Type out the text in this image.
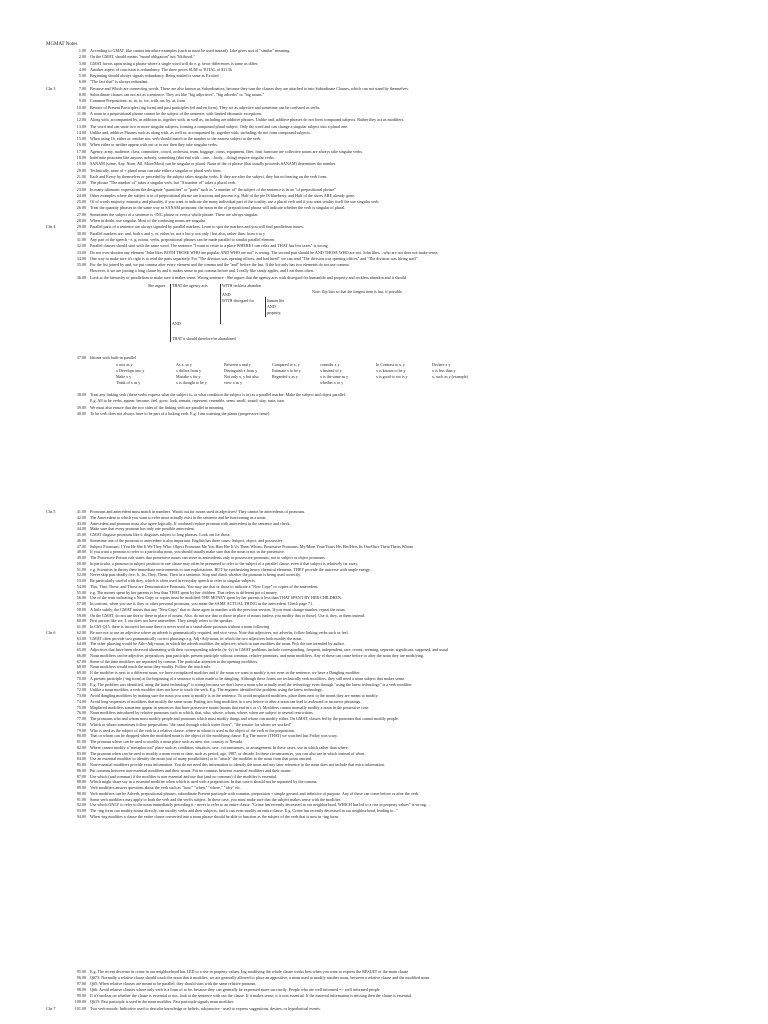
MGMAT Notes
1.00 According to GMAT, like cannot introduce examples (such as must be used instead). Like gives sort of "similar" meaning.
2.00 On the GMAT, should means "moral obligation" not "likihood."
3.00 GMAT favors upon using a phrase where a single word will do e. g. favor differences is same as differ.
4.00 Another aspect of concision is redundancy. The three prices SUM to TOTAL of $11.5k
5.00 Beginning should always signals redundancy. Being misled is same as Excited
6.00 "The fact that" is always redundant
Chs 3	7.00 Because and Which are connecting words. These are also known as Subordinators, because they turn the clauses they are attached to into Subordinate Clauses, which can not stand by themselves.
8.00 Subordinate clauses can not act as a sentence. They act like "big adjectives", "big adverbs" or "big nouns."
9.00 Common Prepositions: at, in, to, for, with, on, by, at, from
10.00 Beware of Present Participles (ing form) and past participles (ed and en form). They act as adjective and sometime can be confused as verbs.
11.00 A noun in a prepositional phrase cannot be the subject of the sentence, with limited idiomatic exceptions.
12.00 Along with, accompanied by, in addition to, together with, as well as, including are additive phrases. Unlike and, additive phrases do not form compound subjects. Rather they act as modifiers.
13.00 The word and can unite two or more singular subjects, forming a compound plural subject. Only the word and can change a singular subject into a plural one.
14.00 Unlike and, additive Phrases such as along with, as well as, accompanied by, together with, including, do not form compound subjects.
15.00 When using Or, either or, neither nor, verb should match in the number to the nearest subject to the verb.
16.00 When either or neither appear with out or or nor then they take singular verbs.
17.00 Agency, army, audience, class, committee, crowd, orchestra, team, baggage, citrus, equipment, fleet, fruit furniture are collective nouns are always take singular verbs.
18.00 Indefinite pronouns like anyone, nobody, something (that end with ...one, ...body, ...thing) require singular verbs.
19.00 SANAM (some, Any, None, All, More/Most) can be singular or plural. Noun of the of phrase (that usually proceeds SANAM) determines the number.
20.00 Technically, none of + plural noun can take either a singular or plural verb form.
21.00 Each and Every by themselves or preceded by the subject takes singular verbs. If they are after the subject, they has no bearing on the verb form.
22.00 The phrase "The number of" takes a singular verb, but "A number of" takes a plural verb.
23.00 In many idiomatic expressions the designate "quantities" or "parts" such as "a number of" the subject of the sentence is in an "of prepositional phrase"
24.00 Other examples where the subject is in of prepositional phrase are fractions and percent e.g. Half of the pie IS blueberry, and Half of the shoes ARE already gone.
25.00 Of of words majority, minority, and plurality, if you want to indicate the many individual part of the totality, use a plural verb and if you want totality itself the use singular verb.
26.00 Treat the quantity phrases in the same way as SANAM pronouns: the noun in the of prepositional phrase will indicate whether the verb is singular of plural.
27.00 Sometimes the subject of a sentence is -ING phrase or even a whole phrase. These are always singular.
28.00 When in doubt, use singular. Most of the confusing nouns are singular.
Chs 4	29.00 Parallel parts of a sentence are always signaled by parallel markers. Learn to spot the markers and you will find parallelism issues.
30.00 Parallel markers are: and, both x and y, or, either/or, not x but y, not only / but also, rather than, from x to y
31.00 Any part of the speech - e. g. nouns, verbs, prepositional phrases can be made parallel to similar parallel element.
32.00 Parallel clauses should start with the same word. The sentence "I want to retire to a place WHERE I can relax and THAT has low taxes" is wrong.
33.00 Do not over-shorten any element "John likes BOTH THOSE WHO are popular AND WHO are not" is wrong. The second part should be AND THOSE WHO are not. John likes... who are not does not make sense.
34.00 One way to make sure it's right is to read the parts separately. For "The division was opening offices, and had hired" we can read "The division was opening offices" and "The division was hiring staff"
35.00 For the list joined by and, we put comma after every element and the comma and the "and" before the last. If the list only has two elements do not use comma.
However, if we are joining a long clause by and it makes sense to put comma before and. I really like candy apples, and I eat them often.
36.00 Look at the hierarchy of parallelism to make sure it makes sense. Wrong sentence : She argues that the agency acts with disregard for humanlife and property and reckless abandon and it should
She argues THAT the agency acts	WITH reckless abandon
AND
WITH disregard for	human life
AND
property,
AND
THAT it should therefore be abandoned
Note: flip lists so that the longest item is last, if possible.
37.00 Idioms with built-in parallel
x acts as y	As x, so y	Between x and y	Compared to x, y	consider x y	In Contrast to x, y	Declare x y
x Develops into y	x differs from y	Distinguish x from y	Estimate x to be y	x instead of y	x is known to be y	x is less than y
Make x y	Mistake x for y	Not only x, y but also	Regarded x as y	x is the same as y	x is good to too is y	x, such as y (example)
Think of x as y	x is thought to be y	view x as y	whether x or y
38.00 Treat any linking verb (these verbs express what the subject is, or what condition the subject is in) as a parallel marker. Make the subject and object parallel.
E.g. All to be verbs, appear, become, feel, grow, look, remain, represent, resemble, seem, smell, sound, stay, taste, turn
39.00 We must also ensure that the two sides of the linking verb are parallel in meaning.
40.00 To be verb does not always have to be part of a linking verb. E.g. I am watering the plants (progressive tense)
Chs 5	41.00 Pronouns and antecedent must match in numbers. Watch out for nouns used as adjectives! They cannot be antecedents of pronouns.
42.00 The Antecedent to which you want to refer must actually exist in the sentence and be functioning as a noun.
43.00 Antecedent and pronoun must also agree logically. If confused replace pronoun with antecedent in the sentence and check.
44.00 Make sure that every pronoun has only one possible antecedent.
45.00 GMAT disguise pronouns like it disguises subject to long phrases. Look out for those.
46.00 Sometime one of the pronoun or antecedent is also important. English has three cases: Subject, object, and possessive.
47.00 Subject Pronouns: I You He She It We They Who; Object Pronouns Me You Him Her It Us Them Whom; Possessive Pronouns: My/Mine Your/Yours His Her/Hers Its Our/Ours Their/Theirs Whose
48.00 If you want a pronoun to refer to a particular noun, you should usually make sure that the noun is not in the possessive.
49.00 The Possessive Poison rule states that possessive nouns can serve as antecedents only to possessive pronouns, not to subject or object pronouns.
50.00 In particular, a pronoun in subject position in one clause may often be presumed to refer to the subject of a parallel clause, even if that subject is relatively far away.
51.00 e.g. Scientists in theory their immediate environments to turn exploitations, BUT by synthesizing heavy chemical elements, THEY provide the universe with ample energy.
52.00 Never skip past deadly five: It, Its, They, Them, Their in a sentence. Stop and check whether the pronoun is being used correctly.
53.00 Be particularly careful with they, which is often used in everyday speech to refer to singular subjects.
54.00 This, That, These, and Those are Demonstrative Pronouns. You may use that or those to indicate a "New Copy" or copies of the antecedent.
55.00 e.g. The money spent by her parents is less than THAT spent by her children. That refers to different pot of money.
56.00 Use of the term indicating a New Copy or copies must be modified. THE MONEY spent by her parents is less than THAT SPENT BY HER CHILDREN.
57.00 In contrast, when you use it, they or other personal pronouns, you mean the SAME ACTUAL THING as the antecedent. Check page 71.
58.00 A little subtly, the GMAT insists that any "New Copy" that or those agree in number with the previous version. If you must change number, repeat the noun.
59.00 On the GMAT, do not use this or these in place of nouns. Also, do not use that or those in place of nouns (unless you modify that or those). Use it, they, or them instead.
60.00 First person like we, I, our does not have antecedent. They simply refers to the speaker.
61.00 In Ch5-Q15, there is incorrect because there is never used as a stand-alone pronoun without a noun following.
Chs 6	62.00 Be sure not to use an adjective where an adverb is grammatically required, and vice versa. Note that adjectives, not adverbs, follow linking verbs such as feel.
63.00 GMAT often provide two grammatically correct phrasings e.g. Adj+Adj+noun, in which the two adjectives both modify the noun.
64.00 The other phrasing would be Adv+Adj+noun, in which the adverb modifies the adjective, which in turn modifies the noun. Pick the one intended by author.
65.00 Adjectives that have been observed alternating with their corresponding adverbs (ie -ly) in GMAT problems include corresponding, frequent, independent, rare, recent, seeming, separate, significant, supposed, and usual
66.00 Noun modifiers can be adjective, preposition, past participle, present participle without commas, relative pronouns, and noun modifiers. Any of these can come before or after the noun they are modifying.
67.00 Some of the time modifiers are separated by comma. The particular attention to the opening modifiers.
68.00 Noun modifiers would touch the noun they modify. Follow the touch rule.
69.00 If the modifier is next to a different noun, we have a misplaced modifier and if the noun we want to modify is not even in the sentence, we have a Dangling modifier.
70.00 A present participle (-ing form) at the beginning of a sentence is often made to be dangling. Although these forms are technically verb modifiers, they still need a noun subject that makes sense.
71.00 E.g. The problem was identified, using the latest technology" is wrong because we don't have a noun who actually used the technology even through "using the latest technology" is a verb modifier.
72.00 Unlike a noun modifier, a verb modifier does not have to touch the verb. E.g. The engineer identified the problem, using the latest technology.
73.00 Avoid dangling modifiers by making sure the noun you want to modify is in the sentence. To avoid misplaced modifiers, place them next to the nouns they are meant to modify.
74.00 Avoid long sequences of modifiers that modify the same noun. Putting two long modifiers in a row before or after a noun can lead to awkward or incorrect phrasings.
75.00 Misplaced modifiers sometime appear in sentences that have possessive nouns (nouns that end in s or s'). Modifiers cannot normally modify a noun in the possessive case.
76.00 Noun modifiers introduced by relative pronouns such as which, that, who, whose, whom, where, when are subject to several restrictions.
77.00 The pronouns who and whom must modify people and pronouns which must modify things and whose can modify either. On GMAT, classes led by the pronouns that cannot modify people.
78.00 Which or whom sometimes follow prepositions "the canal through which water flows", "the senator for whom we worked"
79.00 Who is used as the subject of the verb in a relative clause, where as whom is used as the object of the verb or the preposition.
80.00 That or whom can be dropped when the modified noun is the object of the modifying clause. E.g The movie (THAT) we watched last Friday was scary.
81.00 The pronoun where can be used to modify a noun place such as area, site, country or Nevada.
82.00 Where cannot modify a "metaphorical" place such as condition, situation, case, circumstances, or arrangement. In these cases, use in which rather than where.
83.00 The pronoun when can be used to modify a noun event or time, such as period, age, 1987, or decade. In these circumstances, you can also use in which instead of when.
84.00 Use an essential modifier to identify the noun (out of many possibilities) or to "attach" the modifier to the noun from that point onward.
85.00 Non-essential modifiers provide extra information. You do not need this information to identify the noun and any later reference to the noun does not include that extra information.
86.00 Put commas between non-essential modifiers and their nouns. Put no commas between essential modifiers and their nouns.
87.00 Use which (and commas) if the modifier is non essential and use that (and no commas) if the modifier is essential.
88.00 Which might share say in a essential modifier when which is used with a preposition. In that case it should not be separated by the comma.
89.00 Verb modifiers answer questions about the verb such as "how," "when," "where," "why" etc.
90.00 Verb modifiers can be Adverb, prepositional phrases, subordinate Present participle with commas, preposition + simple gerund, and infinitive of purpose. Any of these can come before or after the verb.
91.00 Some verb modifiers may apply to both the verb and the verb's subject. In these case, you must make sure that the subject makes sense with the modifier.
92.00 Use which ONLY to refer to the noun immediately preceding it - never to refer to an entire clause. "Crime has recently decreased in our neighborhood, WHICH has led to a rise in property values" is wrong.
93.00 The -ing form can modify nouns directly, can modify verbs and their subjects, and it can even modify an entire clause. E.g. Crime has recently decreased in our neighborhood, leading to..."
94.00 When -ing modifies a clause the entire clause converted into a noun phrase should be able to function as the subject of the verb that is now in -ing form.
95.00 E.g. The recent decrease in crime in our neighborhood has LED to a rise in property values. Ing modifying the whole clause works best when you want to express the RESULT of the main clause
96.00 Q#73: Normally a relative clause should touch the noun that it modifies, we are generally allowed to place an appositive, a noun used to modify another noun, between a relative clause and the modified noun.
97.00 Q#5: When relative clauses are meant to be parallel, they should start with the same relative pronoun.
98.00 Q#6: Avoid relative clauses where only verb is a form of to be, because they can generally be expressed more succinctly. People who are well informed => well informed people
99.00 If it's unclear on whether the clause is essential or not, look at the sentence with out the clause. If it makes sense, it is non essential. If the material information is missing then the clause is essential.
100.00 Q#15: Past participle is used in the noun modifier. Past participle signals noun modifier.
Chs 7	101.00 Two verb moods: Indicative used to describe knowledge or beliefs, subjunctive - used to express suggestions, desires, or hypothetical events.
